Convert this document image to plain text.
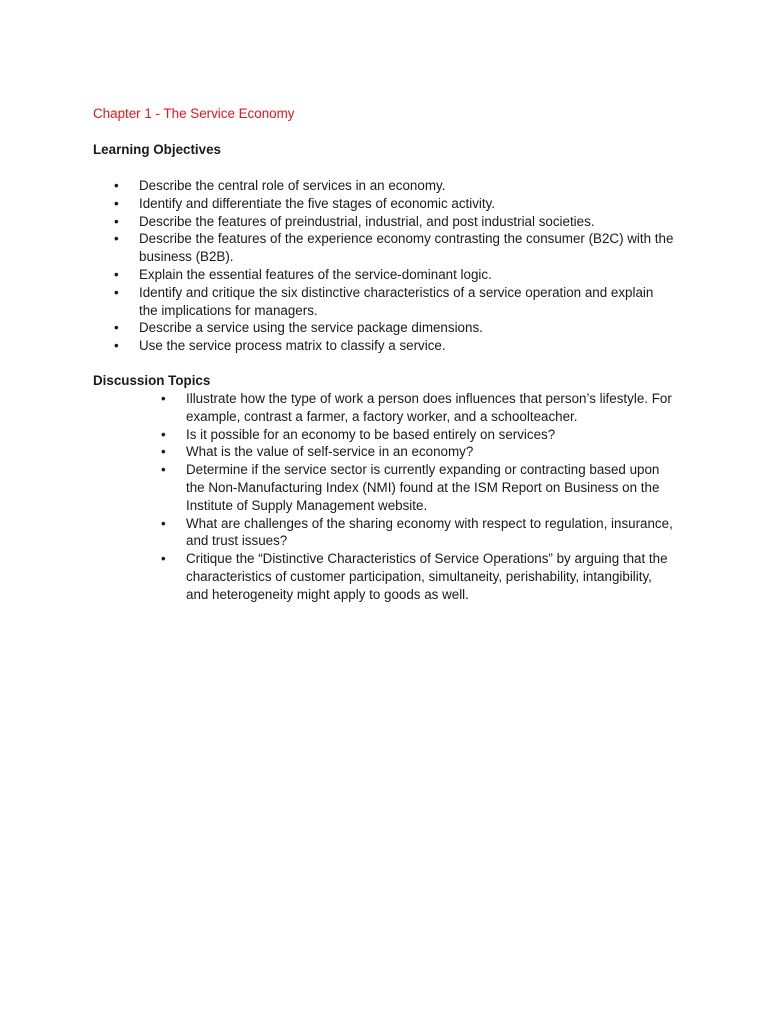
Chapter 1 - The Service Economy
Learning Objectives
•	Describe the central role of services in an economy.
•	Identify and differentiate the five stages of economic activity.
•	Describe the features of preindustrial, industrial, and post industrial societies.
•	Describe the features of the experience economy contrasting the consumer (B2C) with the business (B2B).
•	Explain the essential features of the service-dominant logic.
•	Identify and critique the six distinctive characteristics of a service operation and explain the implications for managers.
•	Describe a service using the service package dimensions.
•	Use the service process matrix to classify a service.
Discussion Topics
•	Illustrate how the type of work a person does influences that person’s lifestyle. For example, contrast a farmer, a factory worker, and a schoolteacher.
•	Is it possible for an economy to be based entirely on services?
•	What is the value of self-service in an economy?
•	Determine if the service sector is currently expanding or contracting based upon the Non-Manufacturing Index (NMI) found at the ISM Report on Business on the Institute of Supply Management website.
•	What are challenges of the sharing economy with respect to regulation, insurance, and trust issues?
•	Critique the “Distinctive Characteristics of Service Operations” by arguing that the characteristics of customer participation, simultaneity, perishability, intangibility, and heterogeneity might apply to goods as well.
